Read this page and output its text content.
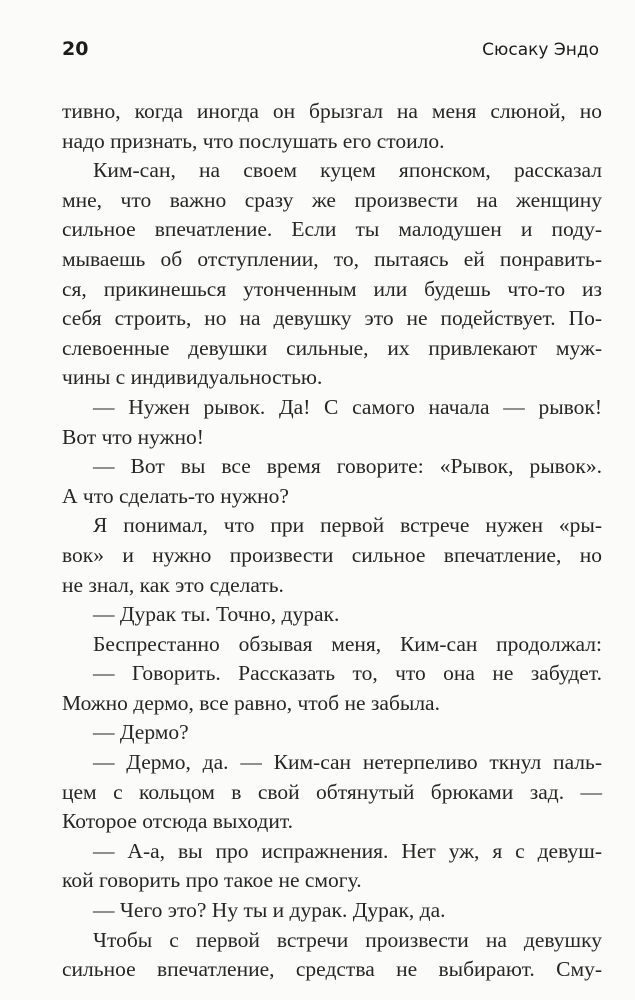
20	Сюсаку Эндо
тивно, когда иногда он брызгал на меня слюной, но
надо признать, что послушать его стоило.
Ким-сан, на своем куцем японском, рассказал
мне, что важно сразу же произвести на женщину
сильное впечатление. Если ты малодушен и поду-
мываешь об отступлении, то, пытаясь ей понравить-
ся, прикинешься утонченным или будешь что-то из
себя строить, но на девушку это не подействует. По-
слевоенные девушки сильные, их привлекают муж-
чины с индивидуальностью.
— Нужен рывок. Да! С самого начала — рывок!
Вот что нужно!
— Вот вы все время говорите: «Рывок, рывок».
А что сделать-то нужно?
Я понимал, что при первой встрече нужен «ры-
вок» и нужно произвести сильное впечатление, но
не знал, как это сделать.
— Дурак ты. Точно, дурак.
Беспрестанно обзывая меня, Ким-сан продолжал:
— Говорить. Рассказать то, что она не забудет.
Можно дермо, все равно, чтоб не забыла.
— Дермо?
— Дермо, да. — Ким-сан нетерпеливо ткнул паль-
цем с кольцом в свой обтянутый брюками зад. —
Которое отсюда выходит.
— А-а, вы про испражнения. Нет уж, я с девуш-
кой говорить про такое не смогу.
— Чего это? Ну ты и дурак. Дурак, да.
Чтобы с первой встречи произвести на девушку
сильное впечатление, средства не выбирают. Сму-
